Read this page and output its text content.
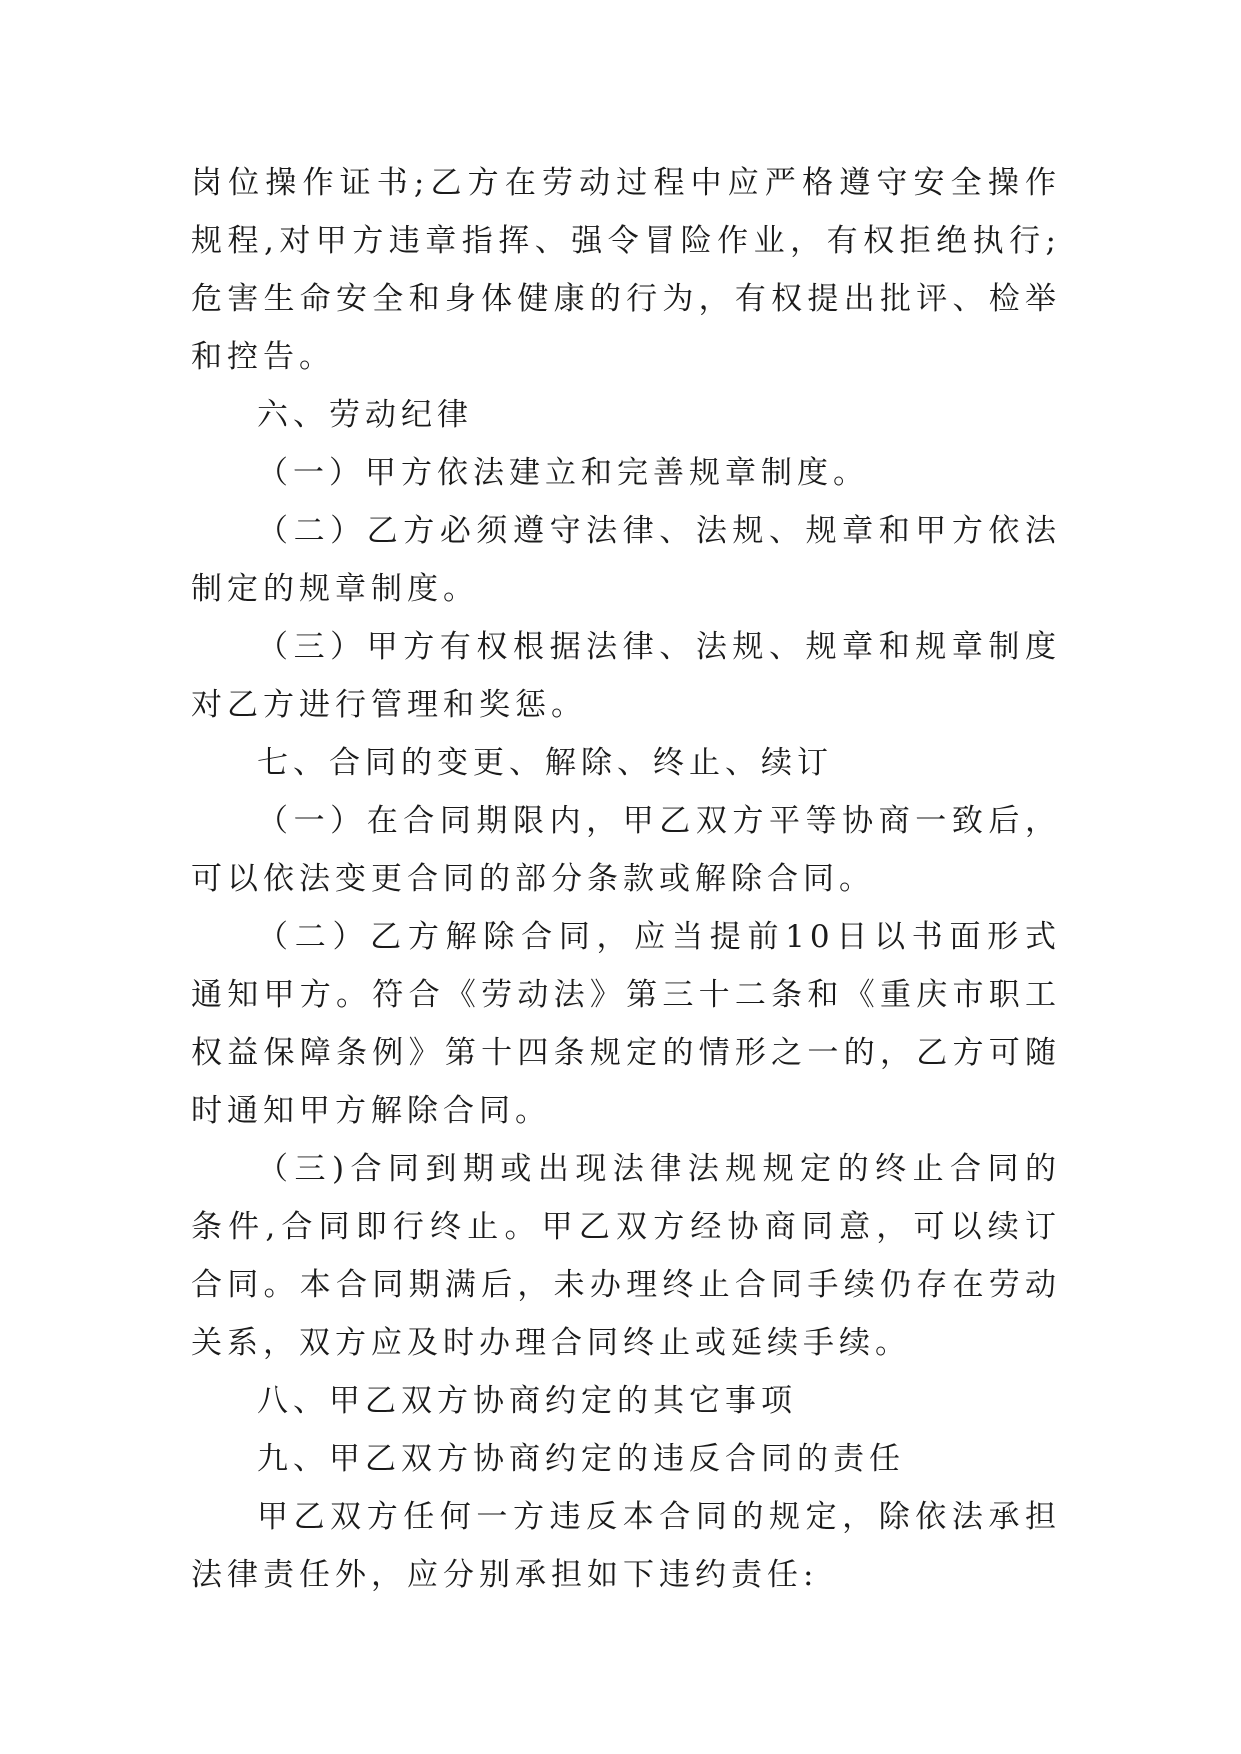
岗位操作证书;乙方在劳动过程中应严格遵守安全操作规程,对甲方违章指挥、强令冒险作业，有权拒绝执行;危害生命安全和身体健康的行为，有权提出批评、检举和控告。

六、劳动纪律

（一）甲方依法建立和完善规章制度。

（二）乙方必须遵守法律、法规、规章和甲方依法制定的规章制度。

（三）甲方有权根据法律、法规、规章和规章制度对乙方进行管理和奖惩。

七、合同的变更、解除、终止、续订

（一）在合同期限内，甲乙双方平等协商一致后，可以依法变更合同的部分条款或解除合同。

（二）乙方解除合同，应当提前10日以书面形式通知甲方。符合《劳动法》第三十二条和《重庆市职工权益保障条例》第十四条规定的情形之一的，乙方可随时通知甲方解除合同。

（三)合同到期或出现法律法规规定的终止合同的条件,合同即行终止。甲乙双方经协商同意，可以续订合同。本合同期满后，未办理终止合同手续仍存在劳动关系，双方应及时办理合同终止或延续手续。

八、甲乙双方协商约定的其它事项

九、甲乙双方协商约定的违反合同的责任

甲乙双方任何一方违反本合同的规定，除依法承担法律责任外，应分别承担如下违约责任:
